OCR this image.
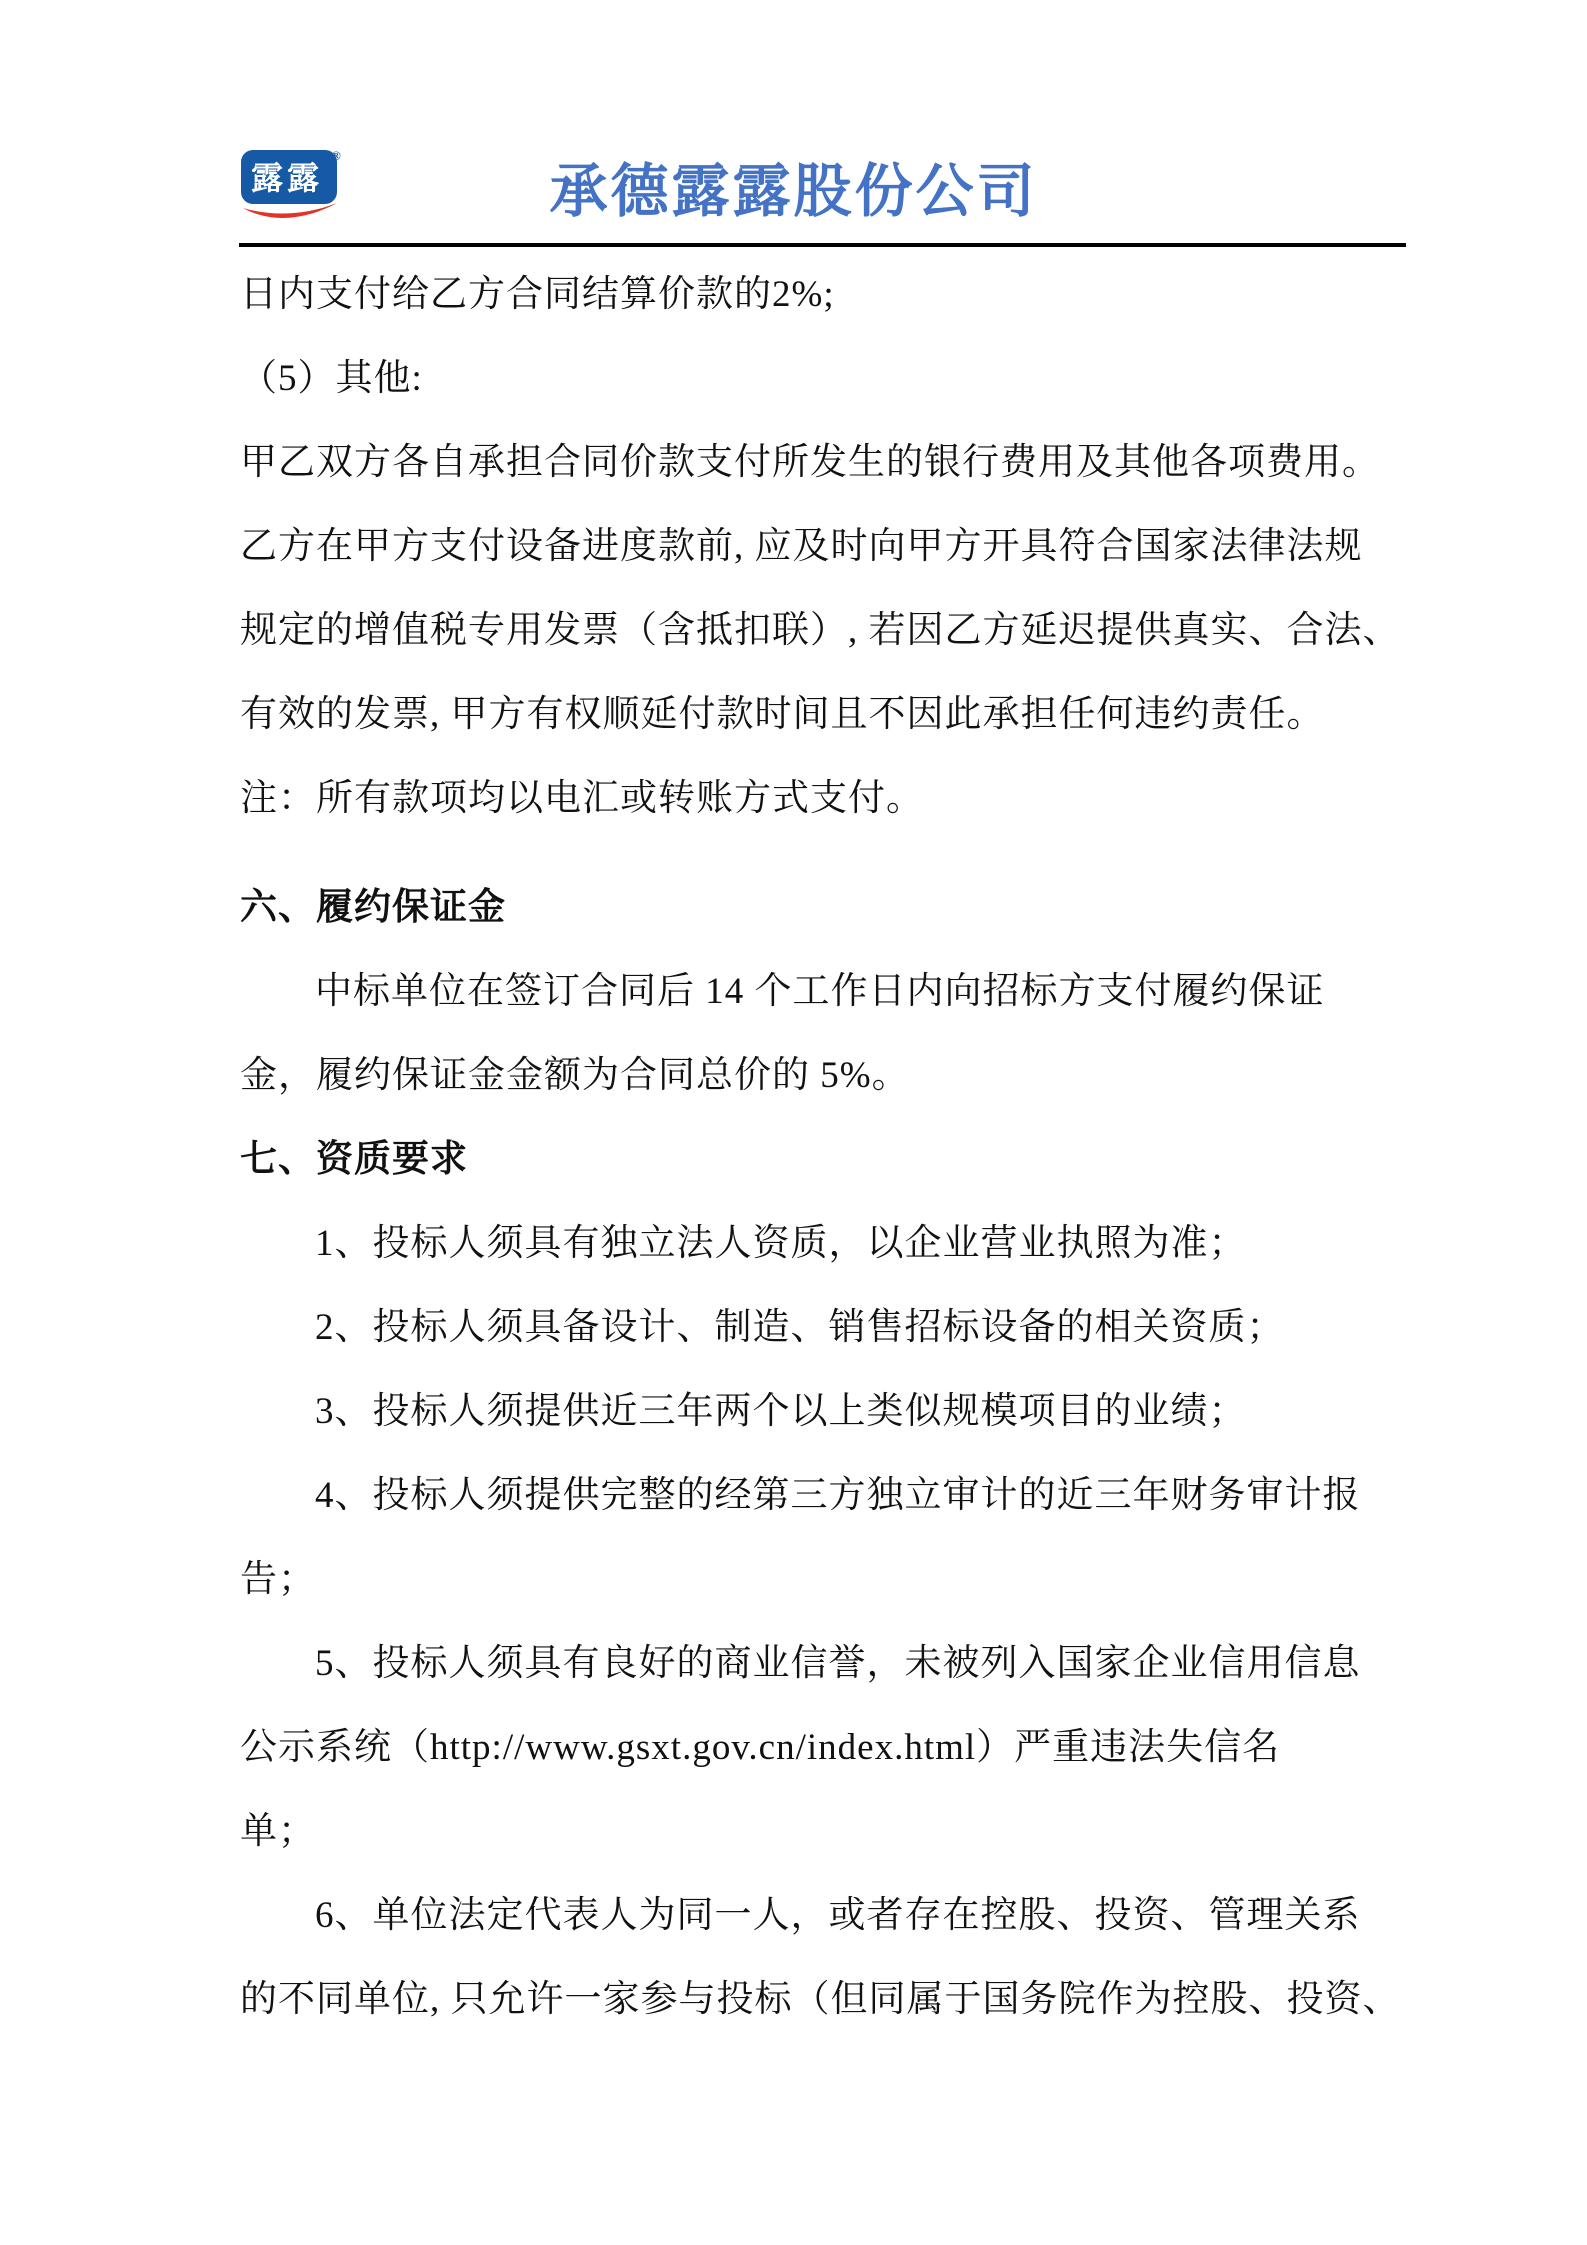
露露
®
承德露露股份公司
日内支付给乙方合同结算价款的2%;
（5）其他:
甲乙双方各自承担合同价款支付所发生的银行费用及其他各项费用。
乙方在甲方支付设备进度款前, 应及时向甲方开具符合国家法律法规
规定的增值税专用发票（含抵扣联）, 若因乙方延迟提供真实、合法、
有效的发票, 甲方有权顺延付款时间且不因此承担任何违约责任。
注：所有款项均以电汇或转账方式支付。
六、履约保证金
中标单位在签订合同后 14 个工作日内向招标方支付履约保证
金，履约保证金金额为合同总价的 5%。
七、资质要求
1、投标人须具有独立法人资质，以企业营业执照为准；
2、投标人须具备设计、制造、销售招标设备的相关资质；
3、投标人须提供近三年两个以上类似规模项目的业绩；
4、投标人须提供完整的经第三方独立审计的近三年财务审计报
告；
5、投标人须具有良好的商业信誉，未被列入国家企业信用信息
公示系统（http://www.gsxt.gov.cn/index.html）严重违法失信名
单；
6、单位法定代表人为同一人，或者存在控股、投资、管理关系
的不同单位, 只允许一家参与投标（但同属于国务院作为控股、投资、
